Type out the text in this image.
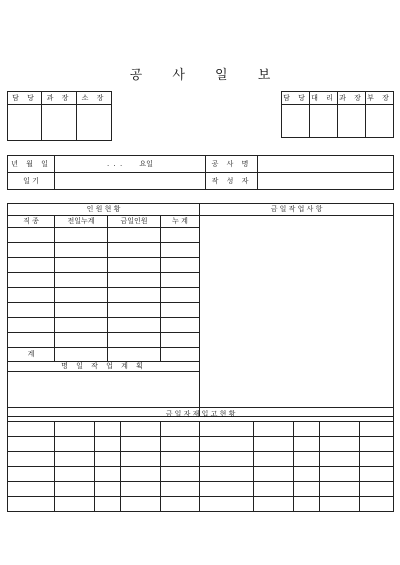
공 사 일 보
담 당	과 장	소 장
			담 당	대 리	과 장	부 장

년 월 일	. . . 요일	공 사 명	
일 기		작 성 자	
인 원 현 황				금 일 작 업 사 항
직 종	전일누계	금일인원	누 계	

계				
명 일 작 업 계 획				

금 일 자 재 입 고 현 황									
